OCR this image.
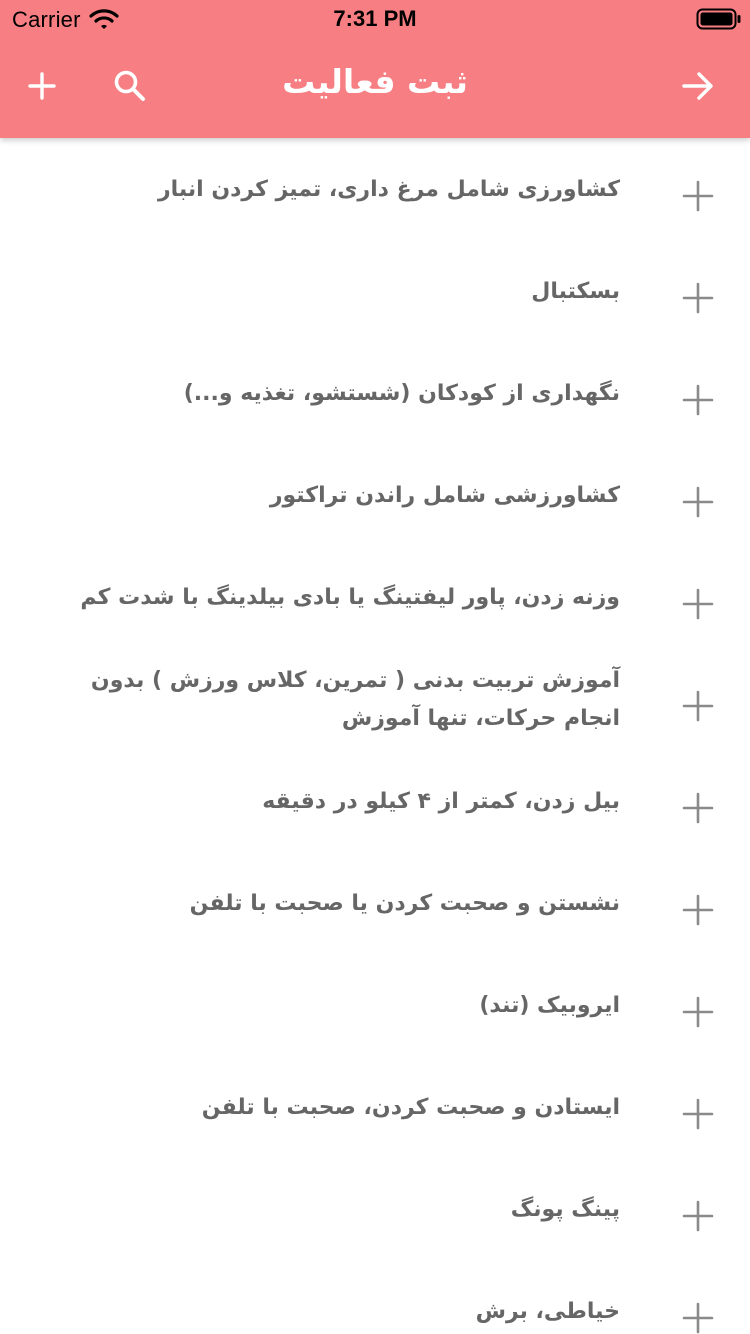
Carrier	7:31 PM
ثبت فعالیت
کشاورزی شامل مرغ داری، تمیز کردن انبار
بسکتبال
نگهداری از کودکان (شستشو، تغذیه و...)
کشاورزشی شامل راندن تراکتور
وزنه زدن، پاور لیفتینگ یا بادی بیلدینگ با شدت کم
آموزش تربیت بدنی ( تمرین، کلاس ورزش ) بدون انجام حرکات، تنها آموزش
بیل زدن، کمتر از ۴ کیلو در دقیقه
نشستن و صحبت کردن یا صحبت با تلفن
ایروبیک (تند)
ایستادن و صحبت کردن، صحبت با تلفن
پینگ پونگ
خیاطی، برش
